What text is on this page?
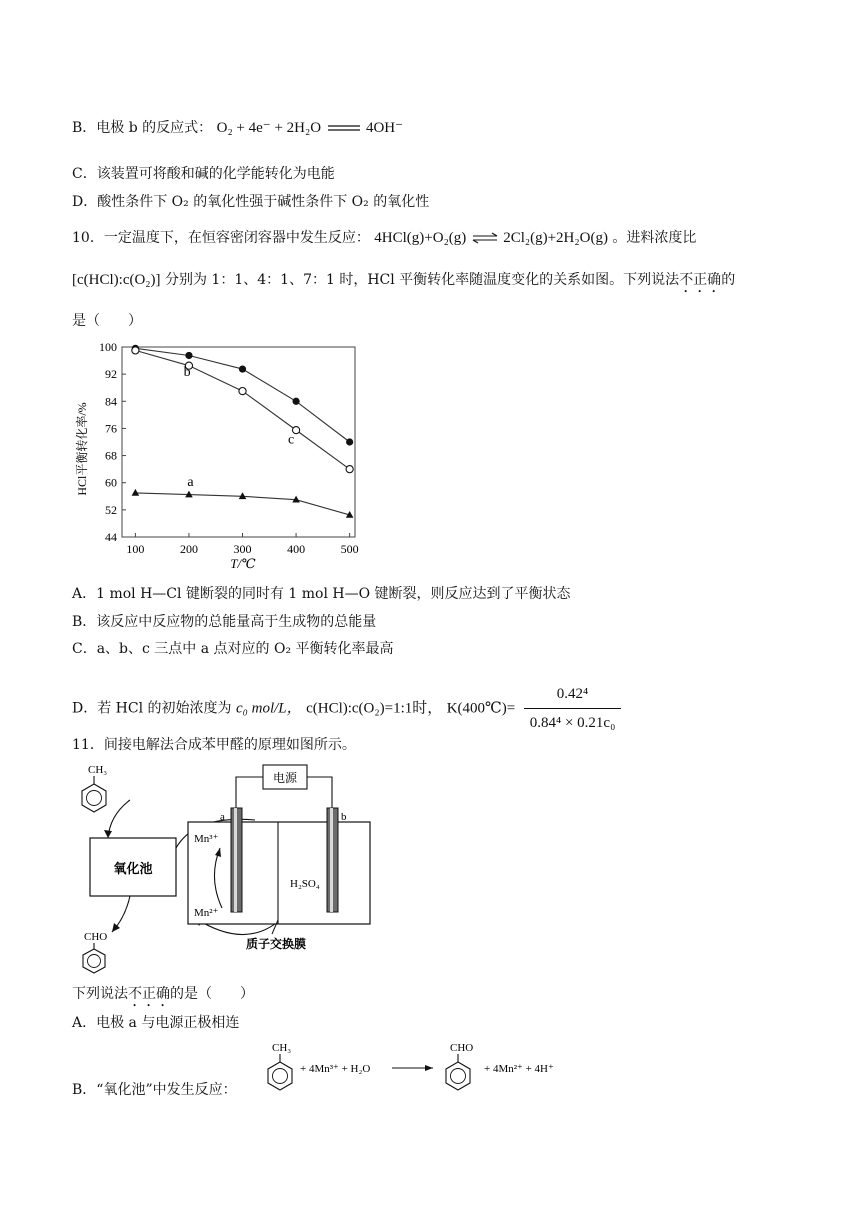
B．电极 b 的反应式： O₂ + 4e⁻ + 2H₂O	4OH⁻
C．该装置可将酸和碱的化学能转化为电能
D．酸性条件下 O₂ 的氧化性强于碱性条件下 O₂ 的氧化性
10．一定温度下，在恒容密闭容器中发生反应： 4HCl(g)+O₂(g) ⇌ 2Cl₂(g)+2H₂O(g) 。进料浓度比
[c(HCl):c(O₂)] 分别为 1：1、4：1、7：1 时，HCl 平衡转化率随温度变化的关系如图。下列说法不正确的
是（　　）
44
52
60
68
76
84
92
100
100	200	300	400	500
b
c
a
T/℃
HCl平衡转化率/%
A．1 mol H—Cl 键断裂的同时有 1 mol H—O 键断裂，则反应达到了平衡状态
B．该反应中反应物的总能量高于生成物的总能量
C．a、b、c 三点中 a 点对应的 O₂ 平衡转化率最高
D．若 HCl 的初始浓度为 c₀ mol/L， c(HCl):c(O₂)=1:1时， K(400℃)= $\frac{\text{0.42⁴}}{\text{0.84⁴ × 0.21c₀}}$
11．间接电解法合成苯甲醛的原理如图所示。
CH₃
氧化池
CHO
电源
a	b
Mn³⁺
Mn²⁺
H₂SO₄
质子交换膜
下列说法不正确的是（　　）
A．电极 a 与电源正极相连
B．“氧化池”中发生反应：
CH₃
+ 4Mn³⁺ + H₂O
CHO
+ 4Mn²⁺ + 4H⁺
